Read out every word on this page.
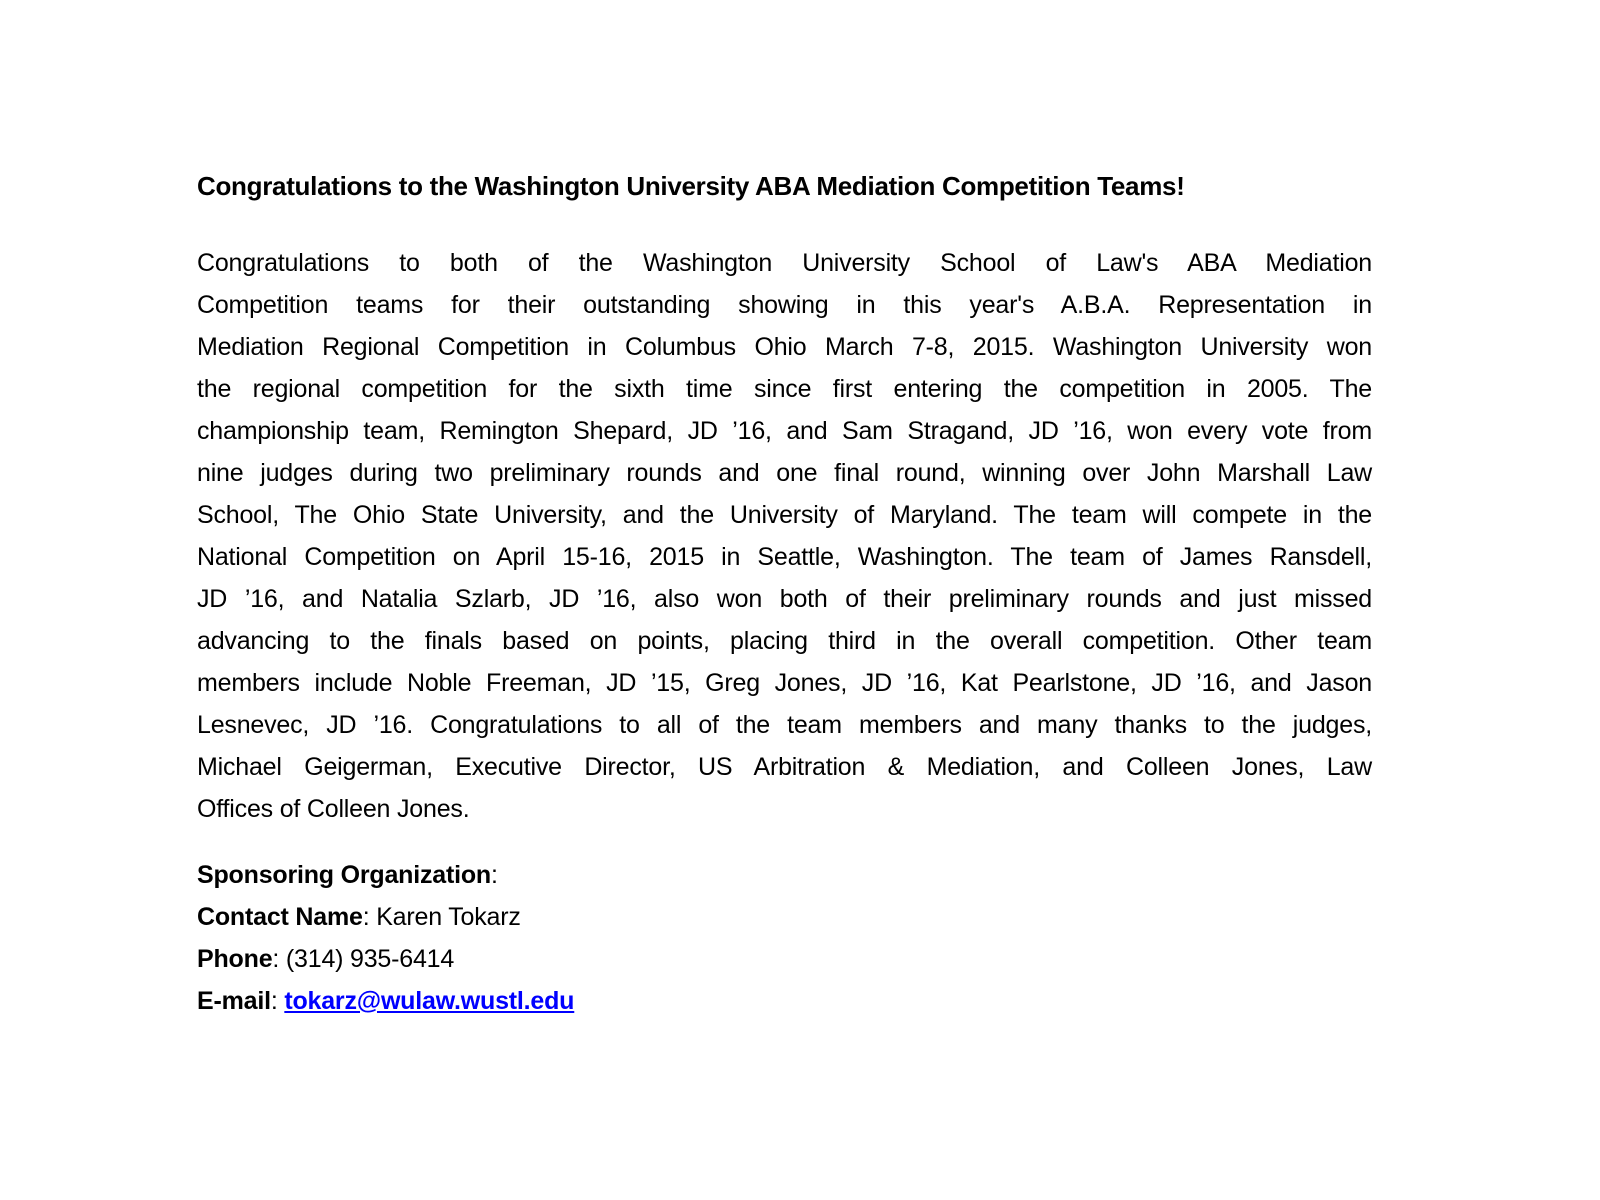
Congratulations to the Washington University ABA Mediation Competition Teams!
Congratulations to both of the Washington University School of Law's ABA Mediation
Competition teams for their outstanding showing in this year's A.B.A. Representation in
Mediation Regional Competition in Columbus Ohio March 7-8, 2015. Washington University won
the regional competition for the sixth time since first entering the competition in 2005. The
championship team, Remington Shepard, JD ’16, and Sam Stragand, JD ’16, won every vote from
nine judges during two preliminary rounds and one final round, winning over John Marshall Law
School, The Ohio State University, and the University of Maryland. The team will compete in the
National Competition on April 15-16, 2015 in Seattle, Washington. The team of James Ransdell,
JD ’16, and Natalia Szlarb, JD ’16, also won both of their preliminary rounds and just missed
advancing to the finals based on points, placing third in the overall competition. Other team
members include Noble Freeman, JD ’15, Greg Jones, JD ’16, Kat Pearlstone, JD ’16, and Jason
Lesnevec, JD ’16. Congratulations to all of the team members and many thanks to the judges,
Michael Geigerman, Executive Director, US Arbitration & Mediation, and Colleen Jones, Law
Offices of Colleen Jones.
Sponsoring Organization:
Contact Name: Karen Tokarz
Phone: (314) 935-6414
E-mail: tokarz@wulaw.wustl.edu
